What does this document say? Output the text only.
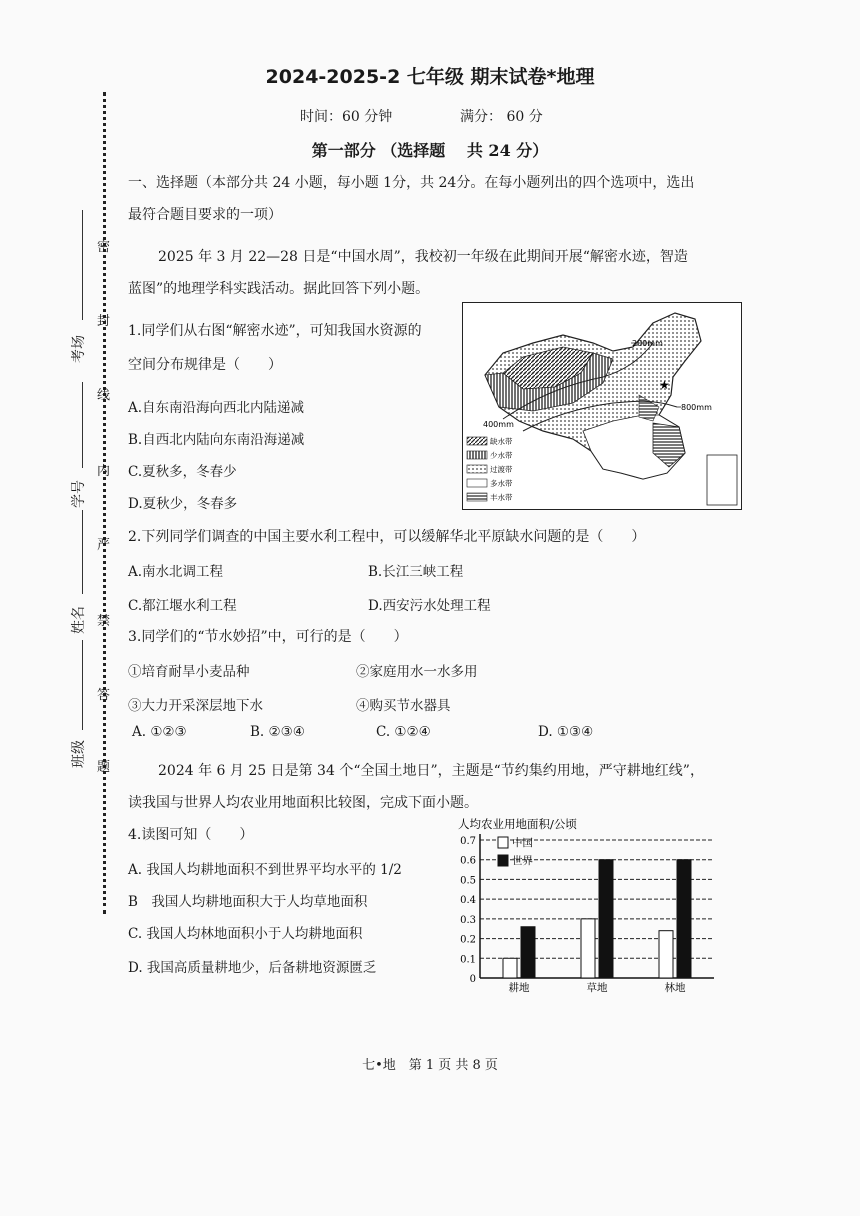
2024-2025-2 七年级 期末试卷*地理
时间：60 分钟	满分： 60 分
第一部分 （选择题　 共 24 分）
密
封
线
内
严
禁
答
题
考场
学号
姓名
班级
一、选择题（本部分共 24 小题，每小题 1分，共 24分。在每小题列出的四个选项中，选出
最符合题目要求的一项）
2025 年 3 月 22—28 日是“中国水周”，我校初一年级在此期间开展“解密水迹，智造
蓝图”的地理学科实践活动。据此回答下列小题。
1.同学们从右图“解密水迹”，可知我国水资源的
空间分布规律是（　　）
A.自东南沿海向西北内陆递减
B.自西北内陆向东南沿海递减
C.夏秋多，冬春少
D.夏秋少，冬春多
200mm
800mm
400mm
★
缺水带
少水带
过渡带
多水带
丰水带
2.下列同学们调查的中国主要水利工程中，可以缓解华北平原缺水问题的是（　　）
A.南水北调工程	B.长江三峡工程
C.都江堰水利工程	D.西安污水处理工程
3.同学们的“节水妙招”中，可行的是（　　）
①培育耐旱小麦品种	②家庭用水一水多用
③大力开采深层地下水	④购买节水器具
A. ①②③	B. ②③④	C. ①②④	D. ①③④
2024 年 6 月 25 日是第 34 个“全国土地日”，主题是“节约集约用地，严守耕地红线”，
读我国与世界人均农业用地面积比较图，完成下面小题。
4.读图可知（　　）
A. 我国人均耕地面积不到世界平均水平的 1/2
B　我国人均耕地面积大于人均草地面积
C. 我国人均林地面积小于人均耕地面积
D. 我国高质量耕地少，后备耕地资源匮乏
人均农业用地面积/公顷
0
0.1
0.2
0.3
0.4
0.5
0.6
0.7
耕地	草地	林地
中国
世界
七•地　第 1 页 共 8 页
